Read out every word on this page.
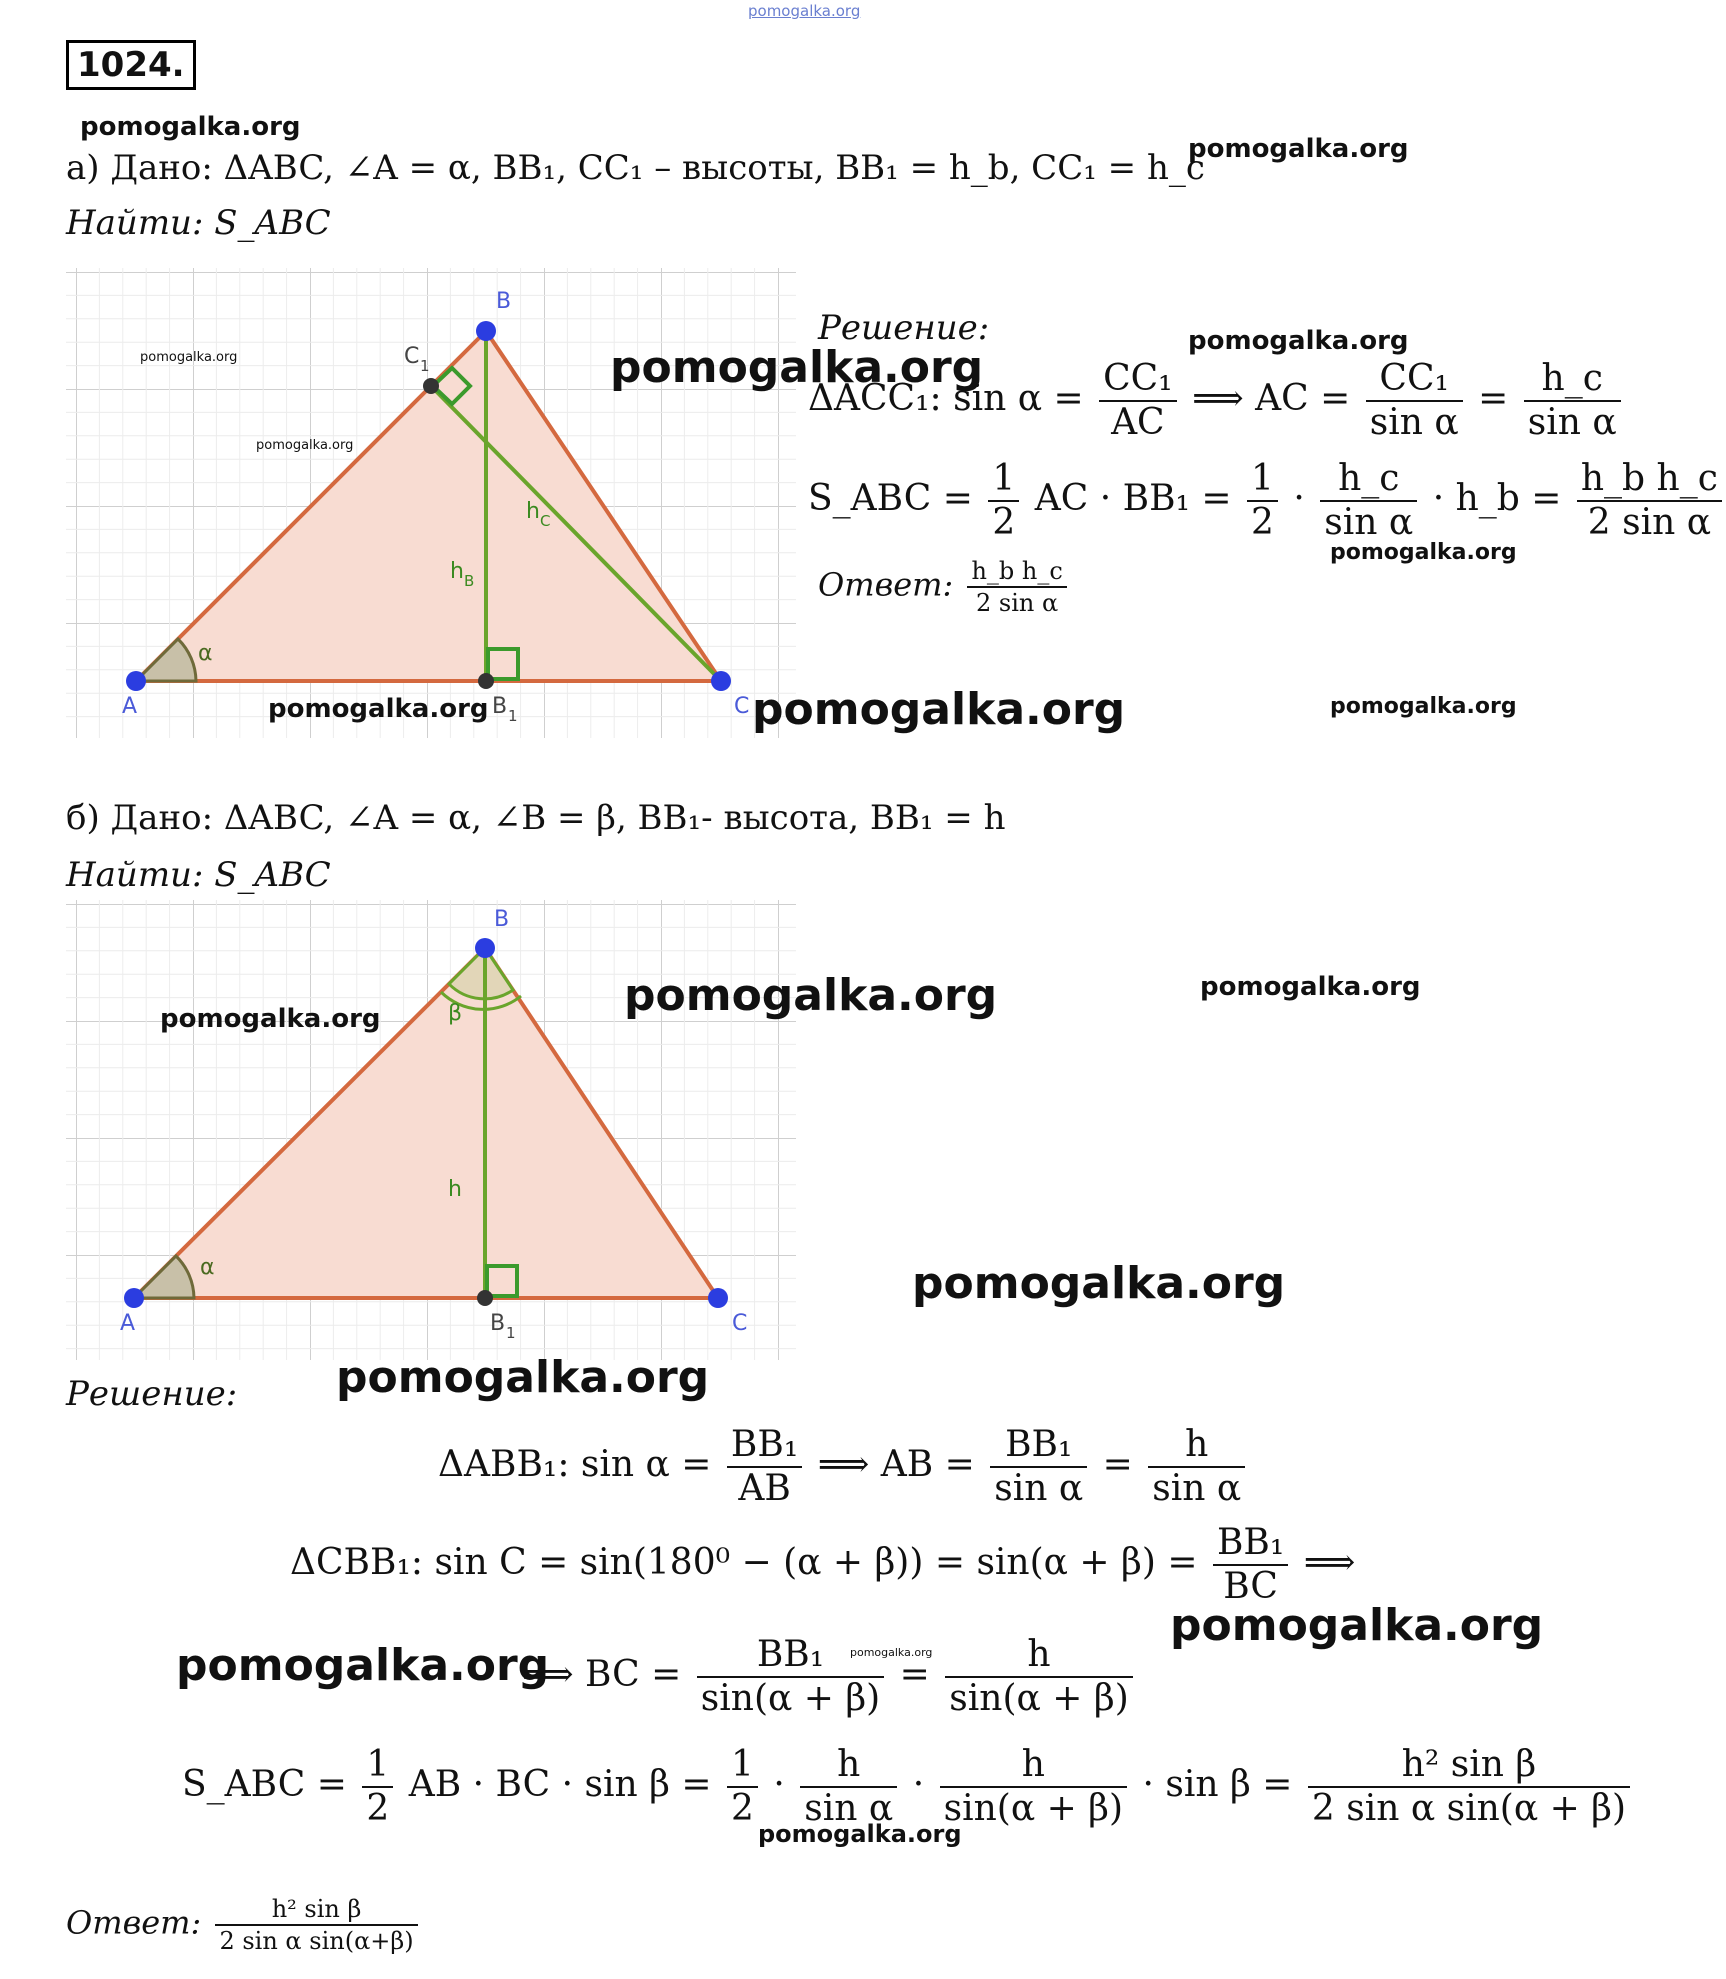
pomogalka.org
1024.
pomogalka.org
pomogalka.org
а) Дано: ΔABC, ∠A = α, BB₁, CC₁ – высоты, BB₁ = h_b, CC₁ = h_c
Найти: S_ABC
A
B
C
C 1
B 1
α
h B
h C
pomogalka.org
pomogalka.org
pomogalka.org
pomogalka.org
pomogalka.org	pomogalka.org
pomogalka.org
pomogalka.org
Решение:
ΔACC₁: $\sin \alpha = \frac{\text{CC₁}}{AC}$ ⟹ AC = $\frac{\text{CC₁}}{\text{sin α}} = \frac{h\_c}{\text{sin α}}$
S_ABC = $\frac{1}{2}$ AC · $BB_1 = \frac{1}{2} \cdot \frac{h\_c}{\text{sin α}}$ · h_b = $\frac{\text{h\_b h\_c}}{\text{2 sin α}}$
Ответ: $\frac{\text{h\_b h\_c}}{\text{2 sin α}}$
б) Дано: ΔABC, ∠A = α, ∠B = β, BB₁- высота, BB₁ = h
Найти: S_ABC
A
B
C
B 1
α
β
h
pomogalka.org	pomogalka.org	pomogalka.org
pomogalka.org
Решение: pomogalka.org
ΔABB₁: $\sin \alpha = \frac{\text{BB₁}}{AB}$ ⟹ AB = $\frac{\text{BB₁}}{\text{sin α}} = \frac{h}{\text{sin α}}$
ΔCBB₁: $\sin C = \sin(180^0 - (\alpha + \beta)) = \sin(\alpha + \beta) = \frac{\text{BB₁}}{BC}$ ⟹
pomogalka.org
pomogalka.org
pomogalka.org
⟹ BC = $\frac{\text{BB₁}}{\sin(\alpha + \beta)} = \frac{h}{\sin(\alpha + \beta)}$
S_ABC = $\frac{1}{2}$ AB · BC · $\sin \beta = \frac{1}{2} \cdot \frac{h}{\text{sin α}} \cdot \frac{h}{\sin(\alpha + \beta)} \cdot \sin \beta = \frac{\text{h² sin β}}{\text{2 sin α sin(α + β)}}$
pomogalka.org
Ответ: $\frac{\text{h² sin β}}{\text{2 sin α sin(α+β)}}$
